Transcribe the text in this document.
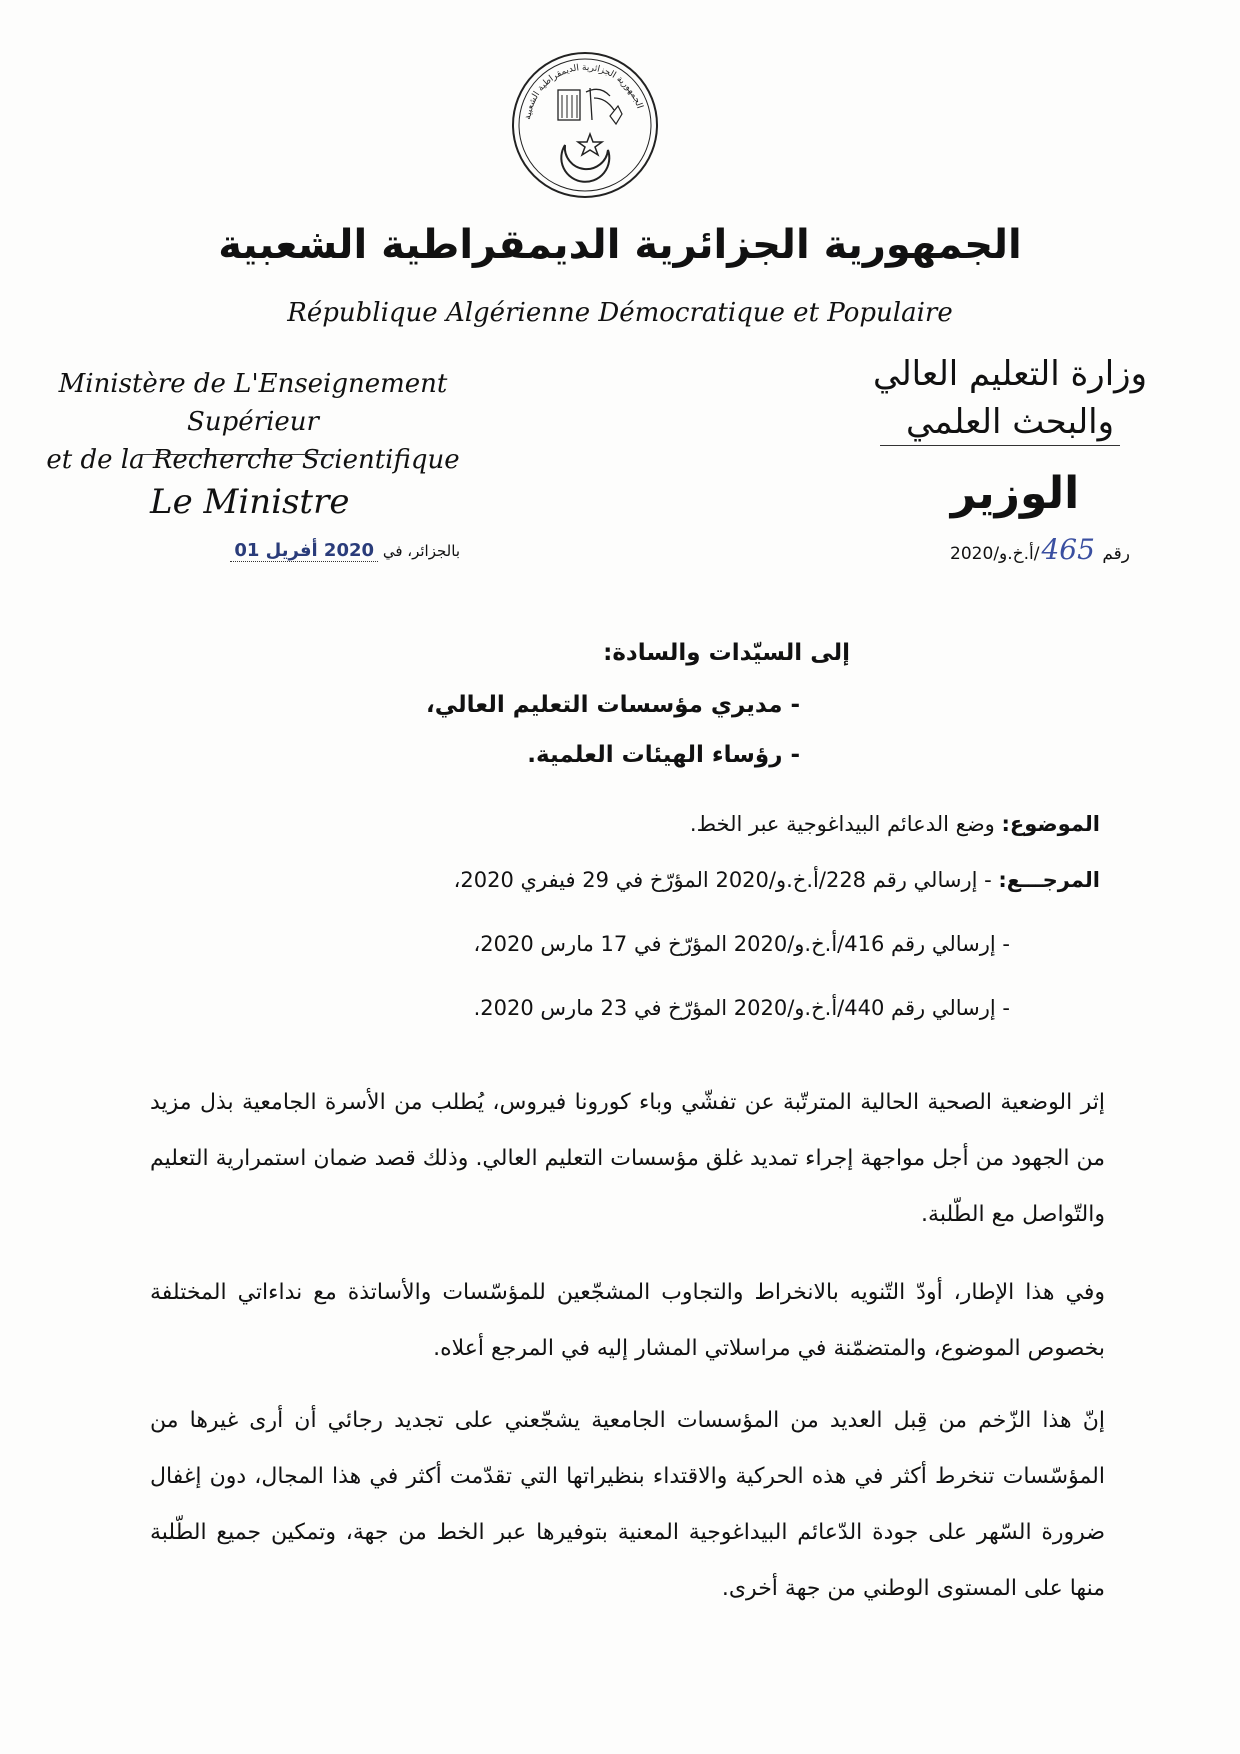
الجمهورية الجزائرية الديمقراطية الشعبية
الجمهورية الجزائرية الديمقراطية الشعبية
République Algérienne Démocratique et Populaire
Ministère de L'Enseignement Supérieur
et de la Recherche Scientifique
وزارة التعليم العالي
والبحث العلمي
Le Ministre	الوزير
بالجزائر، في 2020 أفريل 01	رقم 465/أ.خ.و/2020
إلى السيّدات والسادة:
- مديري مؤسسات التعليم العالي،
- رؤساء الهيئات العلمية.
الموضوع: وضع الدعائم البيداغوجية عبر الخط.
المرجـــع: - إرسالي رقم 228/أ.خ.و/2020 المؤرّخ في 29 فيفري 2020،
- إرسالي رقم 416/أ.خ.و/2020 المؤرّخ في 17 مارس 2020،
- إرسالي رقم 440/أ.خ.و/2020 المؤرّخ في 23 مارس 2020.
إثر الوضعية الصحية الحالية المترتّبة عن تفشّي وباء كورونا فيروس، يُطلب من الأسرة الجامعية بذل مزيد من الجهود من أجل مواجهة إجراء تمديد غلق مؤسسات التعليم العالي. وذلك قصد ضمان استمرارية التعليم والتّواصل مع الطّلبة.
وفي هذا الإطار، أودّ التّنويه بالانخراط والتجاوب المشجّعين للمؤسّسات والأساتذة مع نداءاتي المختلفة بخصوص الموضوع، والمتضمّنة في مراسلاتي المشار إليه في المرجع أعلاه.
إنّ هذا الزّخم من قِبل العديد من المؤسسات الجامعية يشجّعني على تجديد رجائي أن أرى غيرها من المؤسّسات تنخرط أكثر في هذه الحركية والاقتداء بنظيراتها التي تقدّمت أكثر في هذا المجال، دون إغفال ضرورة السّهر على جودة الدّعائم البيداغوجية المعنية بتوفيرها عبر الخط من جهة، وتمكين جميع الطّلبة منها على المستوى الوطني من جهة أخرى.
